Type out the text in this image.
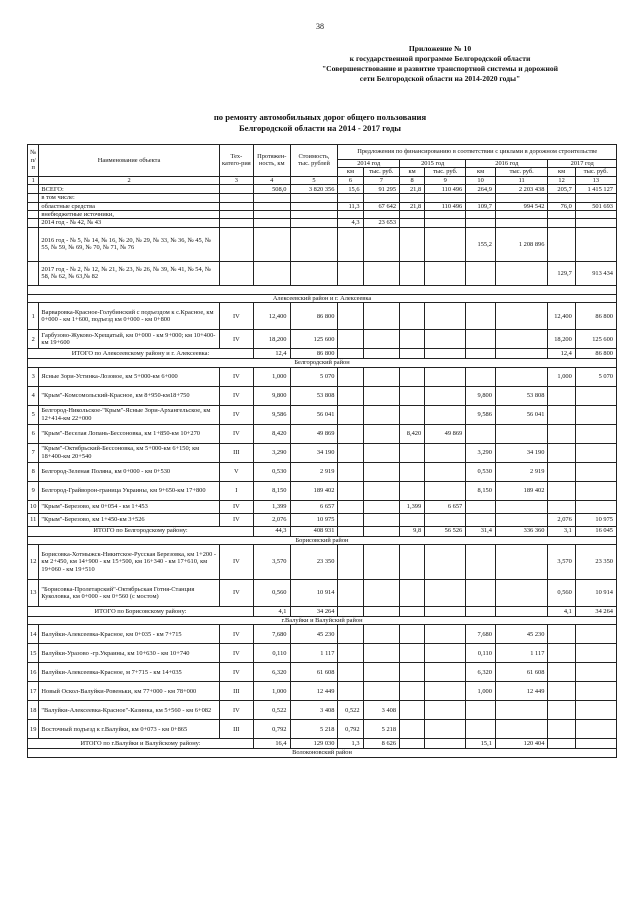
38
Приложение № 10
к государственной программе Белгородской области
"Совершенствование и развитие транспортной системы и дорожной
сети Белгородской области на 2014-2020 годы"
по ремонту автомобильных дорог общего пользования
Белгородской области на 2014 - 2017 годы
№ п/п	Наименование объекта	Тех-катего-рия	Протяжен-ность, км	Стоимость, тыс. рублей	Предложения по финансированию в соответствии с циклами в дорожном строительстве							
					2014 год		2015 год		2016 год		2017 год	
					км	тыс. руб.	км	тыс. руб.	км	тыс. руб.	км	тыс. руб.
1	2	3	4	5	6	7	8	9	10	11	12	13
	ВСЕГО:		508,0	3 820 356	15,6	91 295	21,8	110 496	264,9	2 203 438	205,7	1 415 127
	в том числе:											
	областные средства				11,3	67 642	21,8	110 496	109,7	994 542	76,0	501 693
	внебюджетные источники,											
	2014 год - № 42, № 43				4,3	23 653						
	2016 год - № 5, № 14, № 16, № 20, № 29, № 33, № 36, № 45, № 55, № 59, № 69, № 70, № 71, № 76								155,2	1 208 896		
	2017 год - № 2, № 12, № 21, № 23, № 26, № 39, № 41, № 54, № 58, № 62, № 63,№ 82										129,7	913 434

Алексеевский район и г. Алексеевка												
1	Варваровка-Красное-Голубинский с подъездом к с.Красное, км 0+000 - км 1+600, подъезд км 0+000 - км 0+800	IV	12,400	86 800							12,400	86 800
2	Гарбузово-Жуково-Хрещатый, км 0+000 - км 9+000; км 10+400-км 19+600	IV	18,200	125 600							18,200	125 600
ИТОГО по Алексеевскому району и г. Алексеевка:			12,4	86 800							12,4	86 800
Белгородский район												
3	Ясные Зори-Устинка-Лозовое, км 5+000-км 6+000	IV	1,000	5 070							1,000	5 070
4	"Крым"-Комсомольский-Красное, км 8+950-км18+750	IV	9,800	53 808					9,800	53 808		
5	Белгород-Никольское-"Крым"-Ясные Зори-Архангельское, км 12+414-км 22+000	IV	9,586	56 041					9,586	56 041		
6	"Крым"-Веселая Лопань-Бессоновка, км 1+850-км 10+270	IV	8,420	49 869			8,420	49 869				
7	"Крым"-Октябрьский-Бессоновка, км 5+000-км 6+150; км 18+400-км 20+540	III	3,290	34 190					3,290	34 190		
8	Белгород-Зеленая Поляна, км 0+000 - км 0+530	V	0,530	2 919					0,530	2 919		
9	Белгород-Грайворон-граница Украины, км 9+650-км 17+800	I	8,150	189 402					8,150	189 402		
10	"Крым"-Березово, км 0+054 - км 1+453	IV	1,399	6 657			1,399	6 657				
11	"Крым"-Березово, км 1+450-км 3+526	IV	2,076	10 975							2,076	10 975
ИТОГО по Белгородскому району:			44,3	408 931			9,8	56 526	31,4	336 360	3,1	16 045
Борисовский район												
12	Борисовка-Хотмыжск-Никитское-Русская Березовка, км 1+200 - км 2+450, км 14+900 - км 15+500, км 16+340 - км 17+610, км 19+060 - км 19+510	IV	3,570	23 350							3,570	23 350
13	"Борисовка-Пролетарский"-Октябрьская Готня-Станция Куколовка, км 0+000 - км 0+560 (с мостом)	IV	0,560	10 914							0,560	10 914
ИТОГО по Борисовскому району:			4,1	34 264							4,1	34 264
г.Валуйки и Валуйский район												
14	Валуйки-Алексеевка-Красное, км 0+035 - км 7+715	IV	7,680	45 230					7,680	45 230		
15	Валуйки-Уразово -гр.Украины, км 10+630 - км 10+740	IV	0,110	1 117					0,110	1 117		
16	Валуйки-Алексеевка-Красное, м 7+715 - км 14+035	IV	6,320	61 608					6,320	61 608		
17	Новый Оскол-Валуйки-Ровеньки, км 77+000 - км 78+000	III	1,000	12 449					1,000	12 449		
18	"Валуйки-Алексеевка-Красное"-Казинка, км 5+560 - км 6+082	IV	0,522	3 408	0,522	3 408						
19	Восточный подъезд к г.Валуйки, км 0+073 - км 0+865	III	0,792	5 218	0,792	5 218						
ИТОГО по г.Валуйки и Валуйскому району:			16,4	129 030	1,3	8 626			15,1	120 404		
Волоконовский район												
